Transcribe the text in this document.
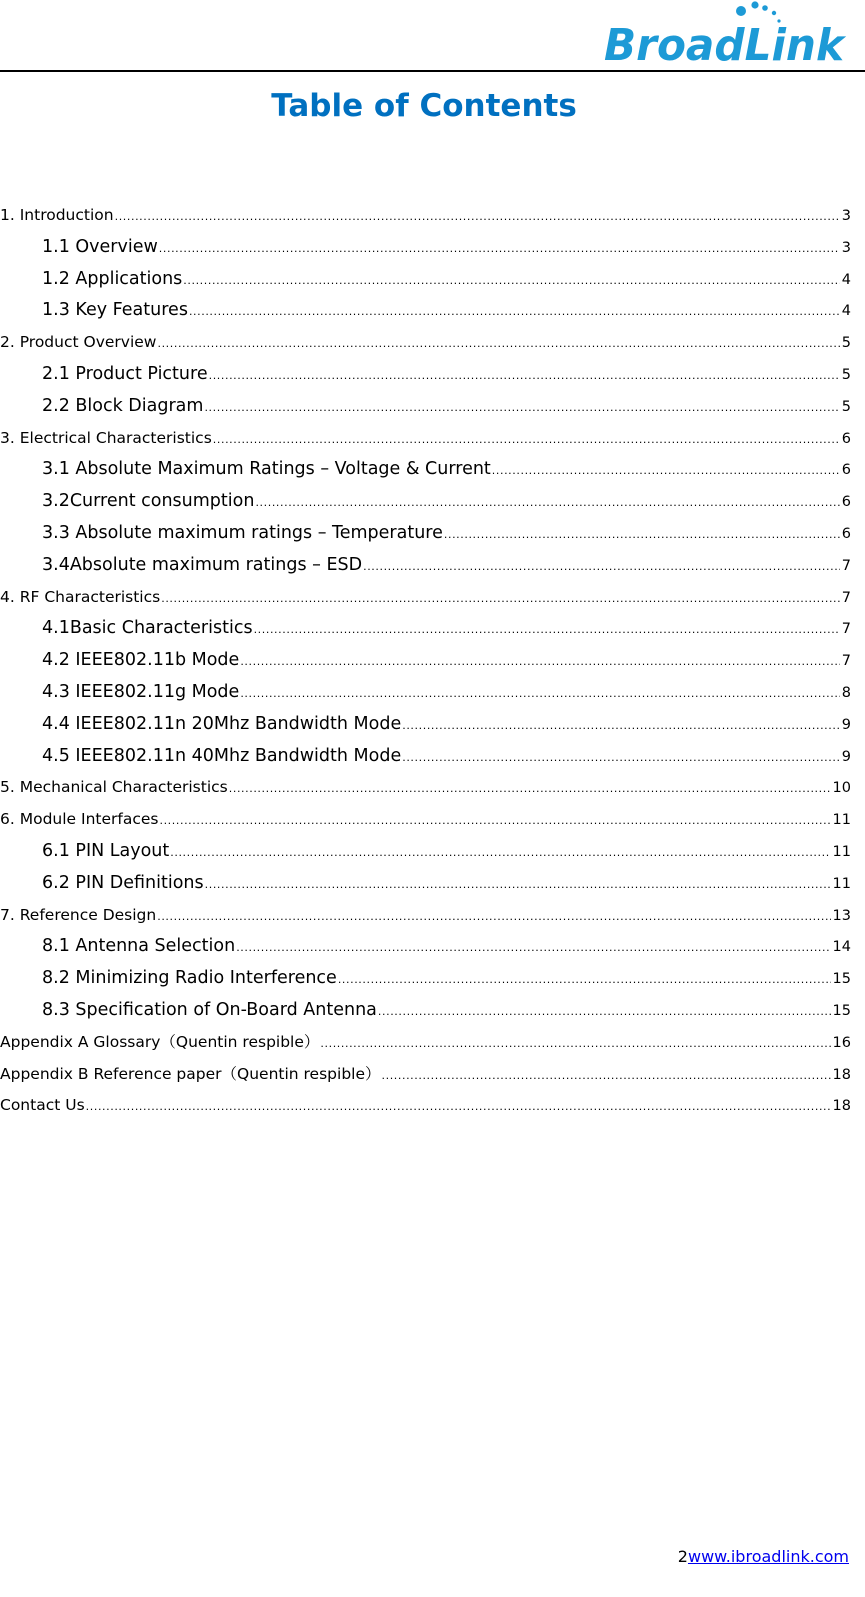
BroadLink
Table of Contents
1. Introduction .....	3
1.1 Overview .....	3
1.2 Applications .....	4
1.3 Key Features .....	4
2. Product Overview .....	5
2.1 Product Picture .....	5
2.2 Block Diagram .....	5
3. Electrical Characteristics .....	6
3.1 Absolute Maximum Ratings – Voltage & Current .....	6
3.2Current consumption .....	6
3.3 Absolute maximum ratings – Temperature .....	6
3.4Absolute maximum ratings – ESD .....	7
4. RF Characteristics .....	7
4.1Basic Characteristics .....	7
4.2 IEEE802.11b Mode .....	7
4.3 IEEE802.11g Mode .....	8
4.4 IEEE802.11n 20Mhz Bandwidth Mode .....	9
4.5 IEEE802.11n 40Mhz Bandwidth Mode .....	9
5. Mechanical Characteristics .....	10
6. Module Interfaces .....	11
6.1 PIN Layout .....	11
6.2 PIN Definitions .....	11
7. Reference Design .....	13
8.1 Antenna Selection .....	14
8.2 Minimizing Radio Interference .....	15
8.3 Specification of On-Board Antenna .....	15
Appendix A Glossary（Quentin respible） .....	16
Appendix B Reference paper（Quentin respible） .....	18
Contact Us .....	18
2www.ibroadlink.com
